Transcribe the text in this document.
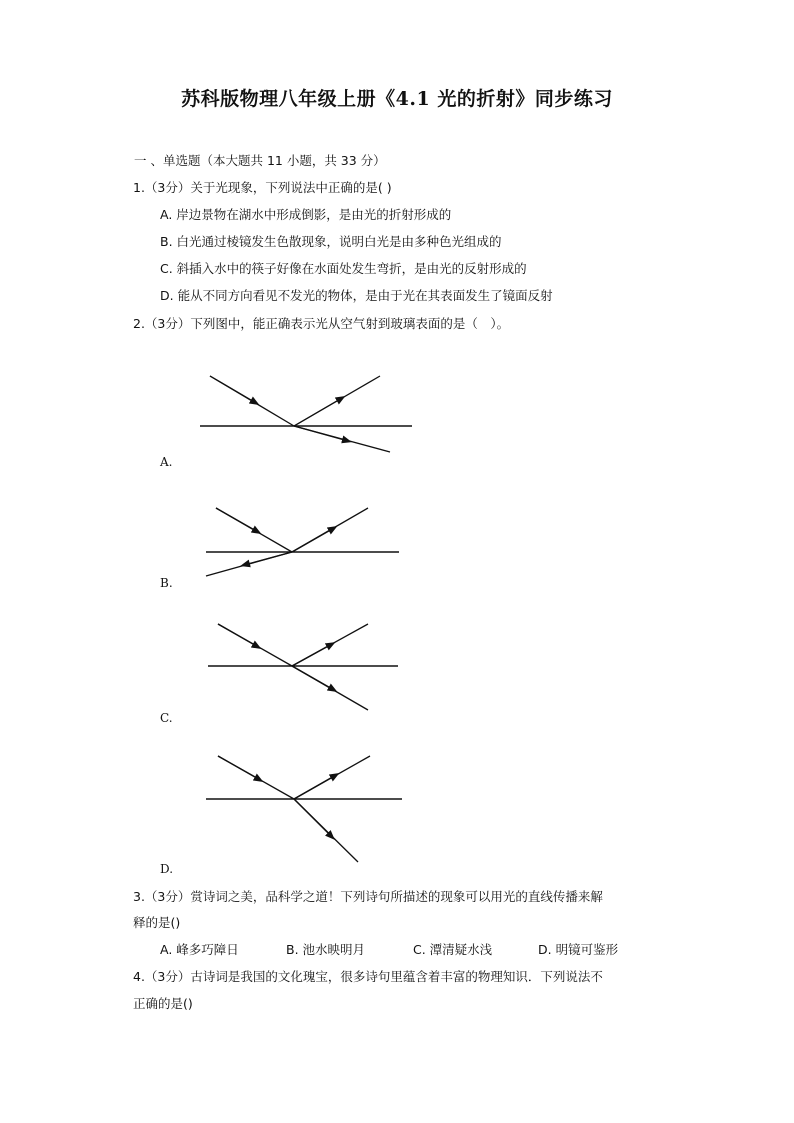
苏科版物理八年级上册《4.1 光的折射》同步练习
一 、单选题（本大题共 11 小题，共 33 分）
1.（3分）关于光现象，下列说法中正确的是( )
A. 岸边景物在湖水中形成倒影，是由光的折射形成的
B. 白光通过棱镜发生色散现象，说明白光是由多种色光组成的
C. 斜插入水中的筷子好像在水面处发生弯折，是由光的反射形成的
D. 能从不同方向看见不发光的物体，是由于光在其表面发生了镜面反射
2.（3分）下列图中，能正确表示光从空气射到玻璃表面的是（　）。
A.
B.
C.
D.
3.（3分）赏诗词之美，品科学之道！下列诗句所描述的现象可以用光的直线传播来解
释的是()
A. 峰多巧障日	B. 池水映明月	C. 潭清疑水浅	D. 明镜可鉴形
4.（3分）古诗词是我国的文化瑰宝，很多诗句里蕴含着丰富的物理知识．下列说法不
正确的是()
